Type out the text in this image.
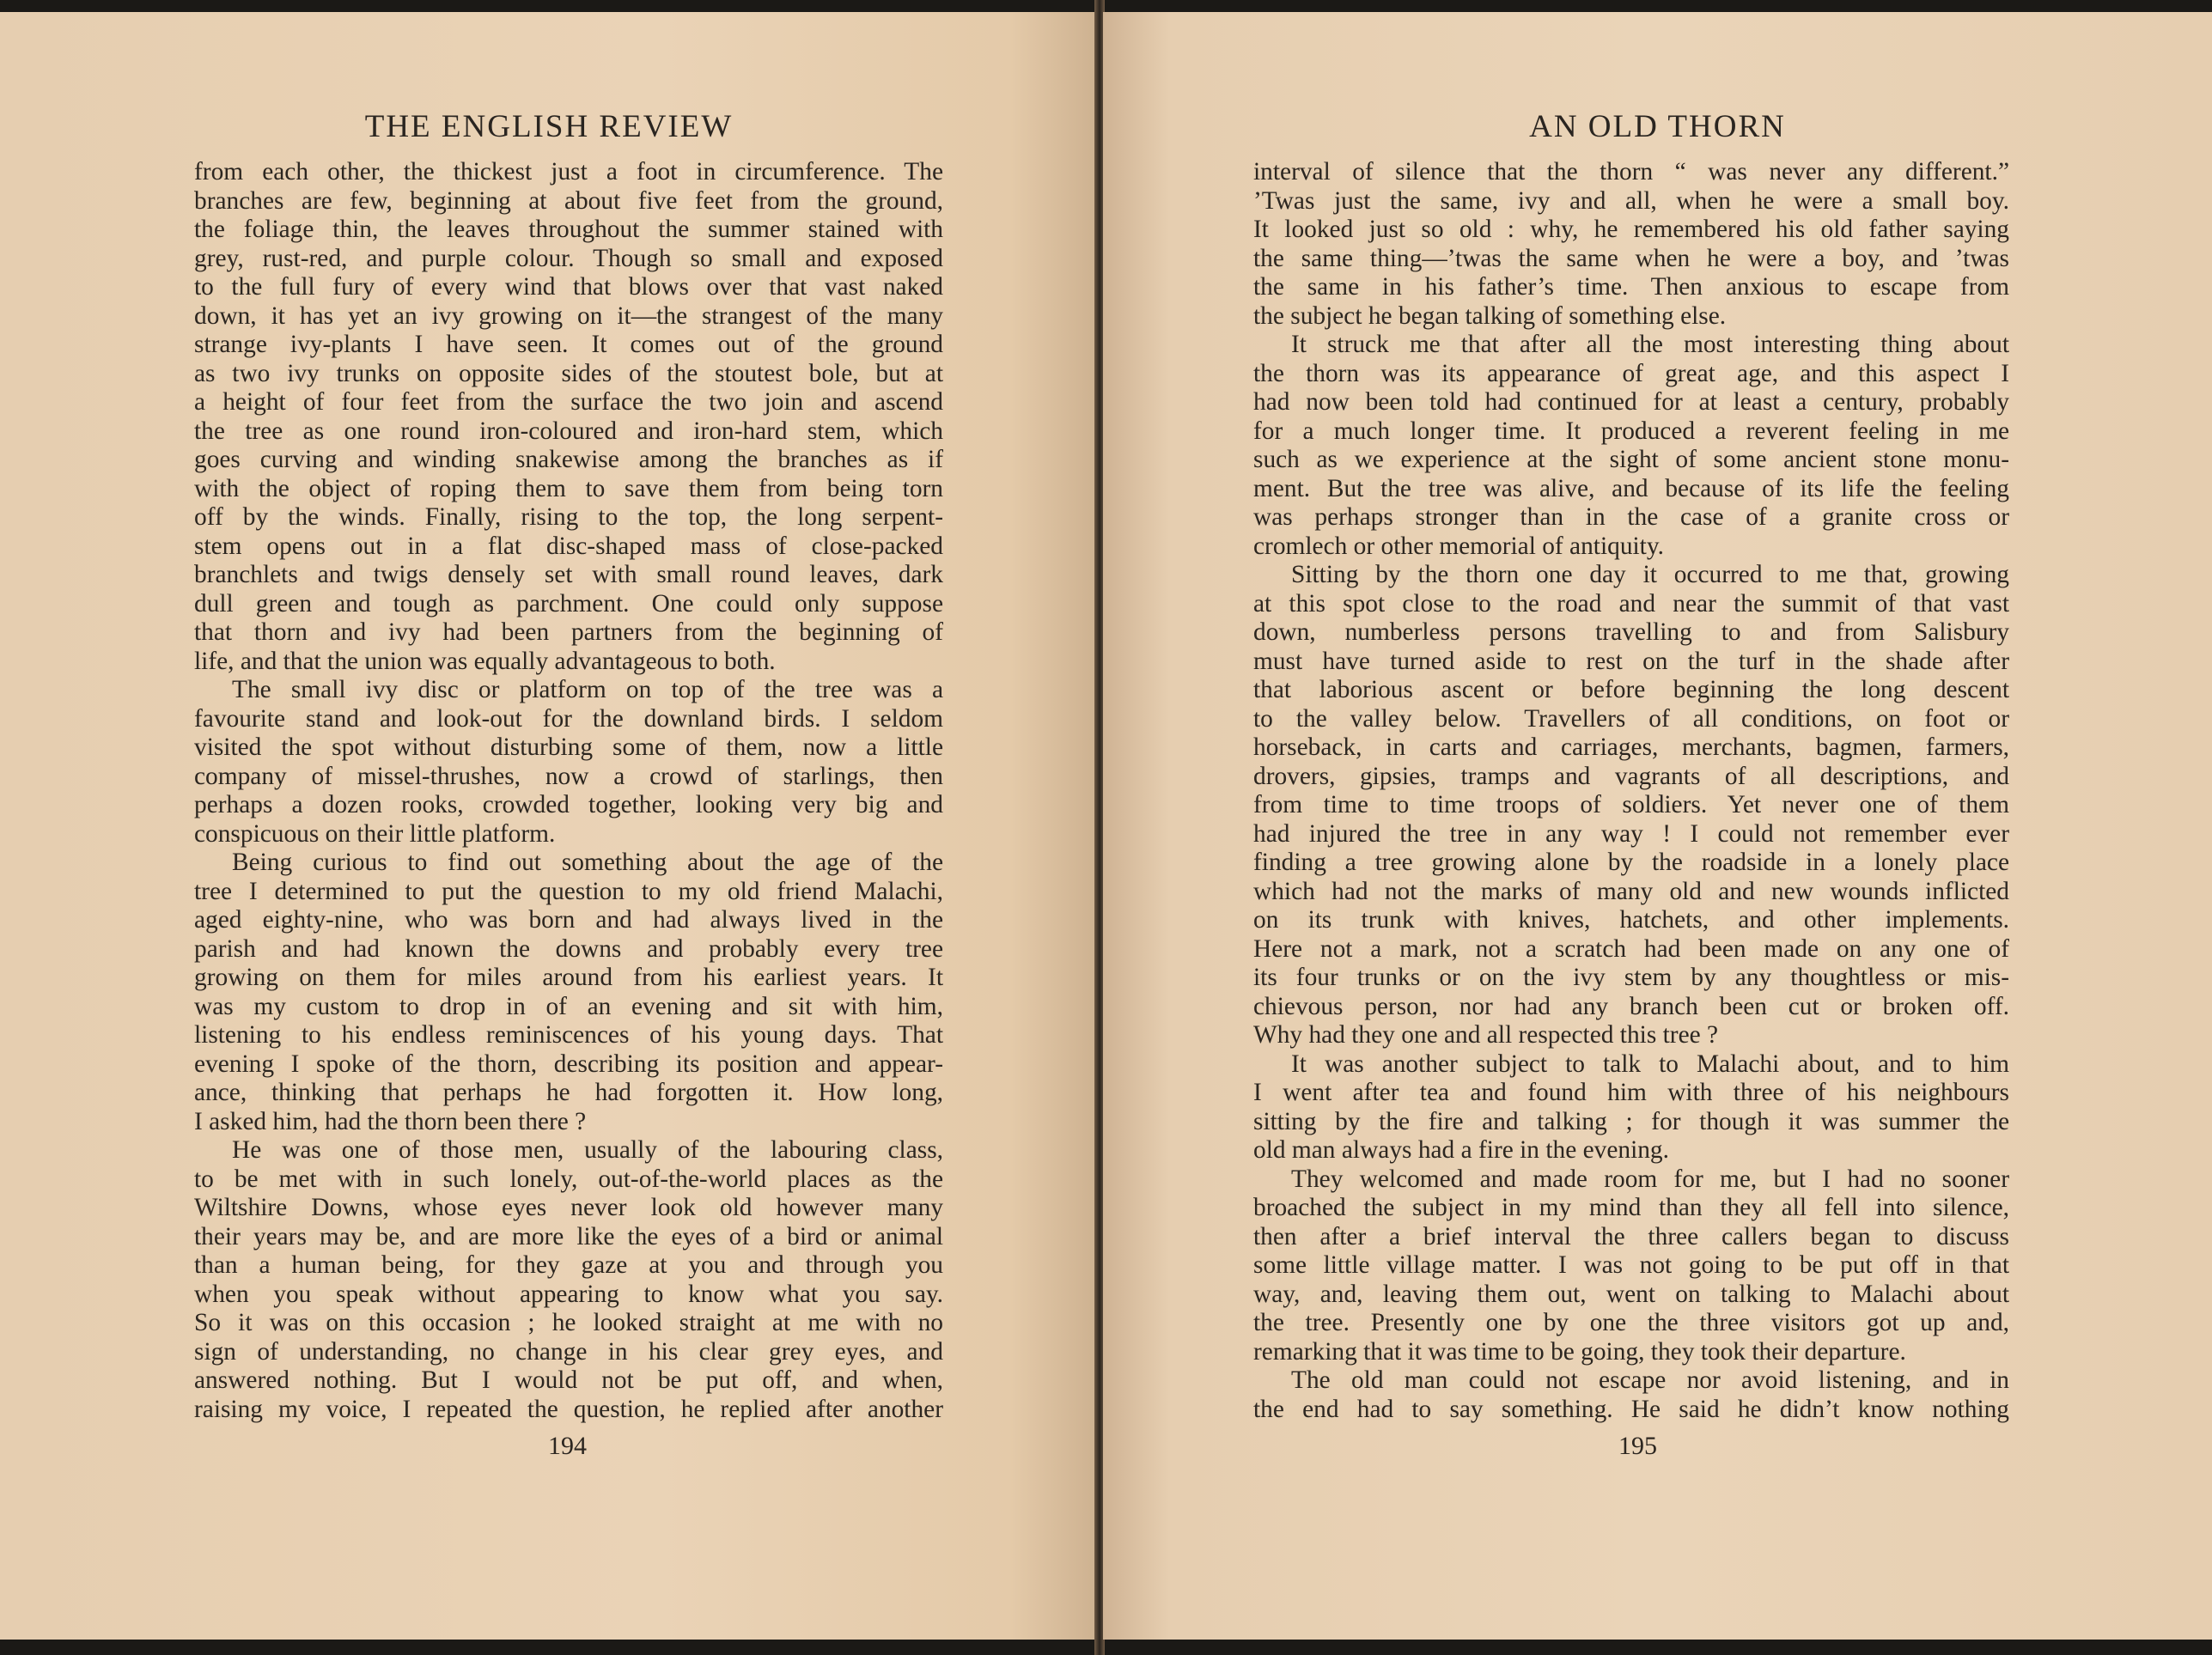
THE ENGLISH REVIEW
from each other, the thickest just a foot in circumference. The
branches are few, beginning at about five feet from the ground,
the foliage thin, the leaves throughout the summer stained with
grey, rust-red, and purple colour. Though so small and exposed
to the full fury of every wind that blows over that vast naked
down, it has yet an ivy growing on it—the strangest of the many
strange ivy-plants I have seen. It comes out of the ground
as two ivy trunks on opposite sides of the stoutest bole, but at
a height of four feet from the surface the two join and ascend
the tree as one round iron-coloured and iron-hard stem, which
goes curving and winding snakewise among the branches as if
with the object of roping them to save them from being torn
off by the winds. Finally, rising to the top, the long serpent-
stem opens out in a flat disc-shaped mass of close-packed
branchlets and twigs densely set with small round leaves, dark
dull green and tough as parchment. One could only suppose
that thorn and ivy had been partners from the beginning of
life, and that the union was equally advantageous to both.
The small ivy disc or platform on top of the tree was a
favourite stand and look-out for the downland birds. I seldom
visited the spot without disturbing some of them, now a little
company of missel-thrushes, now a crowd of starlings, then
perhaps a dozen rooks, crowded together, looking very big and
conspicuous on their little platform.
Being curious to find out something about the age of the
tree I determined to put the question to my old friend Malachi,
aged eighty-nine, who was born and had always lived in the
parish and had known the downs and probably every tree
growing on them for miles around from his earliest years. It
was my custom to drop in of an evening and sit with him,
listening to his endless reminiscences of his young days. That
evening I spoke of the thorn, describing its position and appear-
ance, thinking that perhaps he had forgotten it. How long,
I asked him, had the thorn been there ?
He was one of those men, usually of the labouring class,
to be met with in such lonely, out-of-the-world places as the
Wiltshire Downs, whose eyes never look old however many
their years may be, and are more like the eyes of a bird or animal
than a human being, for they gaze at you and through you
when you speak without appearing to know what you say.
So it was on this occasion ; he looked straight at me with no
sign of understanding, no change in his clear grey eyes, and
answered nothing. But I would not be put off, and when,
raising my voice, I repeated the question, he replied after another
194
AN OLD THORN
interval of silence that the thorn “ was never any different.”
’Twas just the same, ivy and all, when he were a small boy.
It looked just so old : why, he remembered his old father saying
the same thing—’twas the same when he were a boy, and ’twas
the same in his father’s time. Then anxious to escape from
the subject he began talking of something else.
It struck me that after all the most interesting thing about
the thorn was its appearance of great age, and this aspect I
had now been told had continued for at least a century, probably
for a much longer time. It produced a reverent feeling in me
such as we experience at the sight of some ancient stone monu-
ment. But the tree was alive, and because of its life the feeling
was perhaps stronger than in the case of a granite cross or
cromlech or other memorial of antiquity.
Sitting by the thorn one day it occurred to me that, growing
at this spot close to the road and near the summit of that vast
down, numberless persons travelling to and from Salisbury
must have turned aside to rest on the turf in the shade after
that laborious ascent or before beginning the long descent
to the valley below. Travellers of all conditions, on foot or
horseback, in carts and carriages, merchants, bagmen, farmers,
drovers, gipsies, tramps and vagrants of all descriptions, and
from time to time troops of soldiers. Yet never one of them
had injured the tree in any way ! I could not remember ever
finding a tree growing alone by the roadside in a lonely place
which had not the marks of many old and new wounds inflicted
on its trunk with knives, hatchets, and other implements.
Here not a mark, not a scratch had been made on any one of
its four trunks or on the ivy stem by any thoughtless or mis-
chievous person, nor had any branch been cut or broken off.
Why had they one and all respected this tree ?
It was another subject to talk to Malachi about, and to him
I went after tea and found him with three of his neighbours
sitting by the fire and talking ; for though it was summer the
old man always had a fire in the evening.
They welcomed and made room for me, but I had no sooner
broached the subject in my mind than they all fell into silence,
then after a brief interval the three callers began to discuss
some little village matter. I was not going to be put off in that
way, and, leaving them out, went on talking to Malachi about
the tree. Presently one by one the three visitors got up and,
remarking that it was time to be going, they took their departure.
The old man could not escape nor avoid listening, and in
the end had to say something. He said he didn’t know nothing
195
